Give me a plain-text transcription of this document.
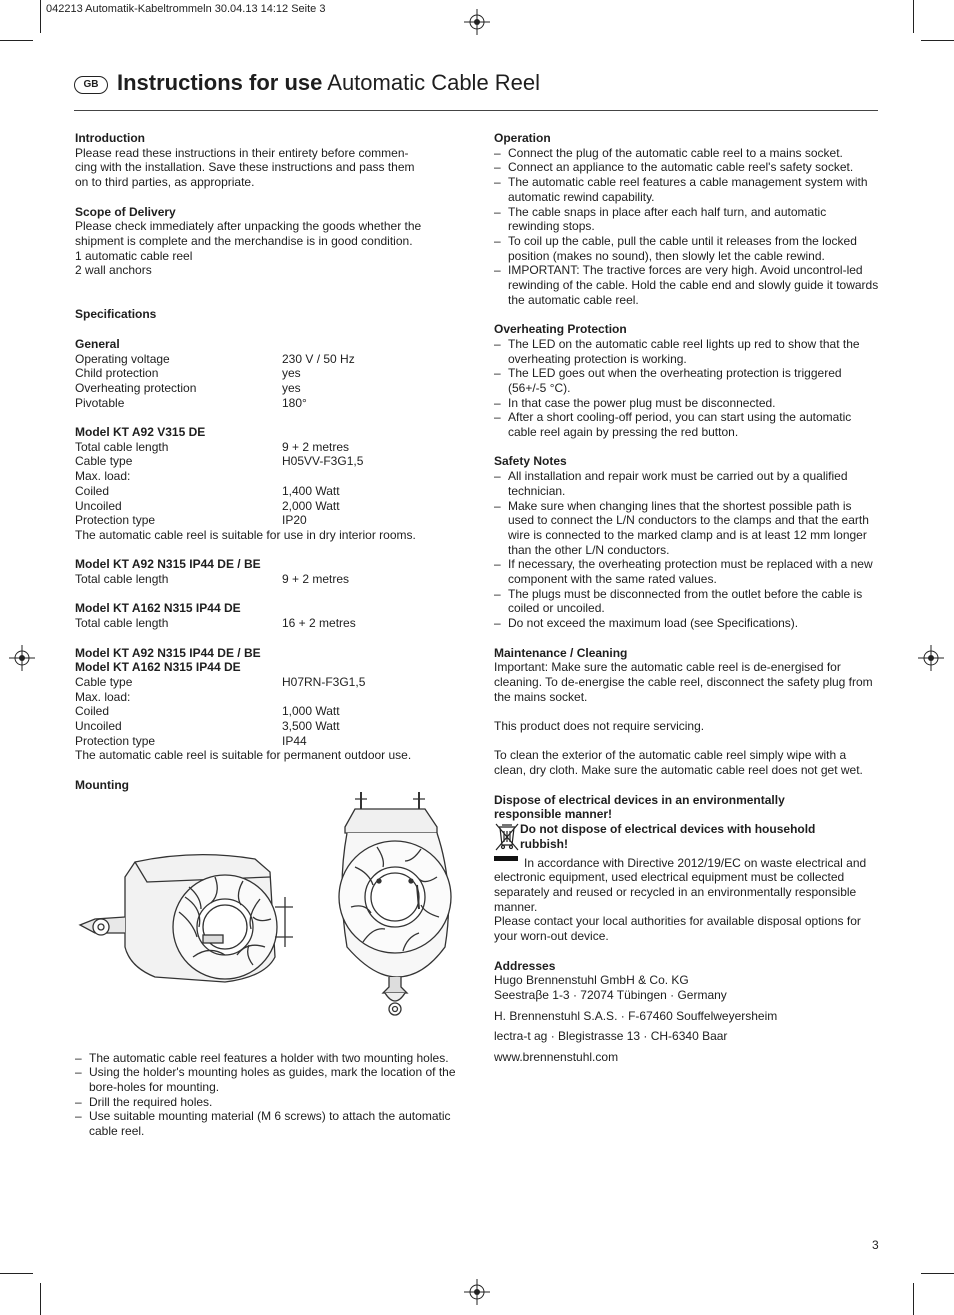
042213 Automatik-Kabeltrommeln 30.04.13 14:12 Seite 3
GB Instructions for use Automatic Cable Reel

Introduction

Please read these instructions in their entirety before commen-

cing with the installation. Save these instructions and pass them

on to third parties, as appropriate.

Scope of Delivery

Please check immediately after unpacking the goods whether the

shipment is complete and the merchandise is in good condition.

1 automatic cable reel

2 wall anchors

Specifications

General

Operating voltage	230 V / 50 Hz
Child protection	yes
Overheating protection	yes
Pivotable	180°

Model KT A92 V315 DE

Total cable length	9 + 2 metres
Cable type	H05VV-F3G1,5
Max. load:
Coiled	1,400 Watt
Uncoiled	2,000 Watt
Protection type	IP20

The automatic cable reel is suitable for use in dry interior rooms.

Model KT A92 N315 IP44 DE / BE

Total cable length	9 + 2 metres

Model KT A162 N315 IP44 DE

Total cable length	16 + 2 metres

Model KT A92 N315 IP44 DE / BE

Model KT A162 N315 IP44 DE

Cable type	H07RN-F3G1,5
Max. load:
Coiled	1,000 Watt
Uncoiled	3,500 Watt
Protection type	IP44

The automatic cable reel is suitable for permanent outdoor use.

Mounting

– The automatic cable reel features a holder with two mounting holes.
– Using the holder's mounting holes as guides, mark the location of the bore-holes for mounting.
– Drill the required holes.
– Use suitable mounting material (M 6 screws) to attach the automatic cable reel.

Operation

– Connect the plug of the automatic cable reel to a mains socket.
– Connect an appliance to the automatic cable reel's safety socket.
– The automatic cable reel features a cable management system with automatic rewind capability.
– The cable snaps in place after each half turn, and automatic rewinding stops.
– To coil up the cable, pull the cable until it releases from the locked position (makes no sound), then slowly let the cable rewind.
– IMPORTANT: The tractive forces are very high. Avoid uncontrol-led rewinding of the cable. Hold the cable end and slowly guide it towards the automatic cable reel.

Overheating Protection

– The LED on the automatic cable reel lights up red to show that the overheating protection is working.
– The LED goes out when the overheating protection is triggered (56+/-5 °C).
– In that case the power plug must be disconnected.
– After a short cooling-off period, you can start using the automatic cable reel again by pressing the red button.

Safety Notes

– All installation and repair work must be carried out by a qualified technician.
– Make sure when changing lines that the shortest possible path is used to connect the L/N conductors to the clamps and that the earth wire is connected to the marked clamp and is at least 12 mm longer than the other L/N conductors.
– If necessary, the overheating protection must be replaced with a new component with the same rated values.
– The plugs must be disconnected from the outlet before the cable is coiled or uncoiled.
– Do not exceed the maximum load (see Specifications).

Maintenance / Cleaning

Important: Make sure the automatic cable reel is de-energised for cleaning. To de-energise the cable reel, disconnect the safety plug from the mains socket.

This product does not require servicing.

To clean the exterior of the automatic cable reel simply wipe with a clean, dry cloth. Make sure the automatic cable reel does not get wet.

Dispose of electrical devices in an environmentally

responsible manner!

Do not dispose of electrical devices with household

rubbish!

In accordance with Directive 2012/19/EC on waste electrical and electronic equipment, used electrical equipment must be collected separately and reused or recycled in an environmentally responsible manner.

Please contact your local authorities for available disposal options for your worn-out device.

Addresses

Hugo Brennenstuhl GmbH & Co. KG

Seestraβe 1-3 · 72074 Tübingen · Germany

H. Brennenstuhl S.A.S. · F-67460 Souffelweyersheim

lectra-t ag · Blegistrasse 13 · CH-6340 Baar

www.brennenstuhl.com

3
